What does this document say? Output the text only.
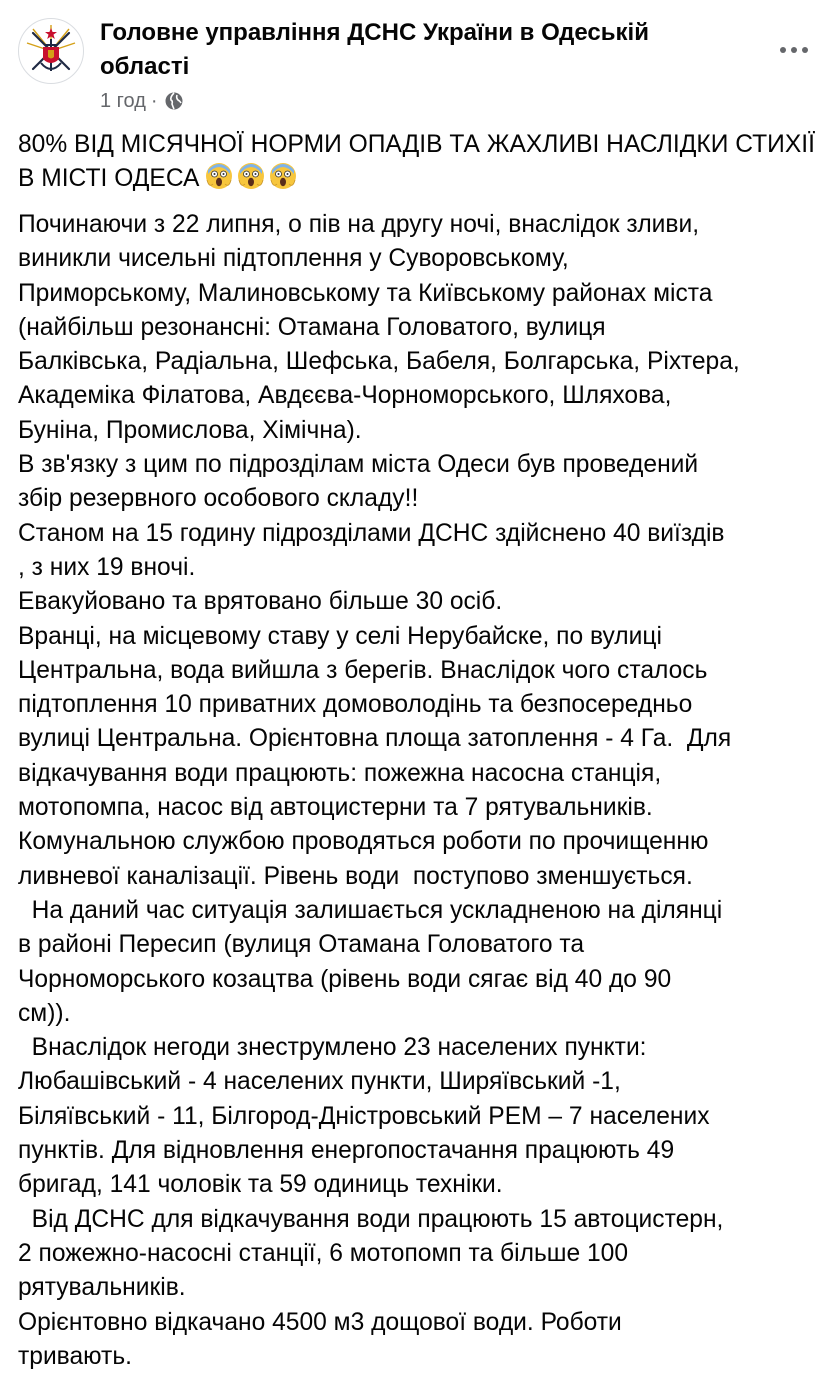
Головне управління ДСНС України в Одеській області
1 год ·
80% ВІД МІСЯЧНОЇ НОРМИ ОПАДІВ ТА ЖАХЛИВІ НАСЛІДКИ СТИХІЇ В МІСТІ ОДЕСА
Починаючи з 22 липня, о пів на другу ночі, внаслідок зливи,
виникли чисельні підтоплення у Суворовському,
Приморському, Малиновському та Київському районах міста
(найбільш резонансні: Отамана Головатого, вулиця
Балківська, Радіальна, Шефська, Бабеля, Болгарська, Ріхтера,
Академіка Філатова, Авдєєва-Чорноморського, Шляхова,
Буніна, Промислова, Хімічна).
В зв'язку з цим по підрозділам міста Одеси був проведений
збір резервного особового складу!!
Станом на 15 годину підрозділами ДСНС здійснено 40 виїздів
, з них 19 вночі.
Евакуйовано та врятовано більше 30 осіб.
Вранці, на місцевому ставу у селі Нерубайске, по вулиці
Центральна, вода вийшла з берегів. Внаслідок чого сталось
підтоплення 10 приватних домоволодінь та безпосередньо
вулиці Центральна. Орієнтовна площа затоплення - 4 Га.  Для
відкачування води працюють: пожежна насосна станція,
мотопомпа, насос від автоцистерни та 7 рятувальників.
Комунальною службою проводяться роботи по прочищенню
ливневої каналізації. Рівень води  поступово зменшується.
На даний час ситуація залишається ускладненою на ділянці
в районі Пересип (вулиця Отамана Головатого та
Чорноморського козацтва (рівень води сягає від 40 до 90
см)).
Внаслідок негоди знеструмлено 23 населених пункти:
Любашівський - 4 населених пункти, Ширяївський -1,
Біляївський - 11, Білгород-Дністровський РЕМ – 7 населених
пунктів. Для відновлення енергопостачання працюють 49
бригад, 141 чоловік та 59 одиниць техніки.
Від ДСНС для відкачування води працюють 15 автоцистерн,
2 пожежно-насосні станції, 6 мотопомп та більше 100
рятувальників.
Орієнтовно відкачано 4500 м3 дощової води. Роботи
тривають.
